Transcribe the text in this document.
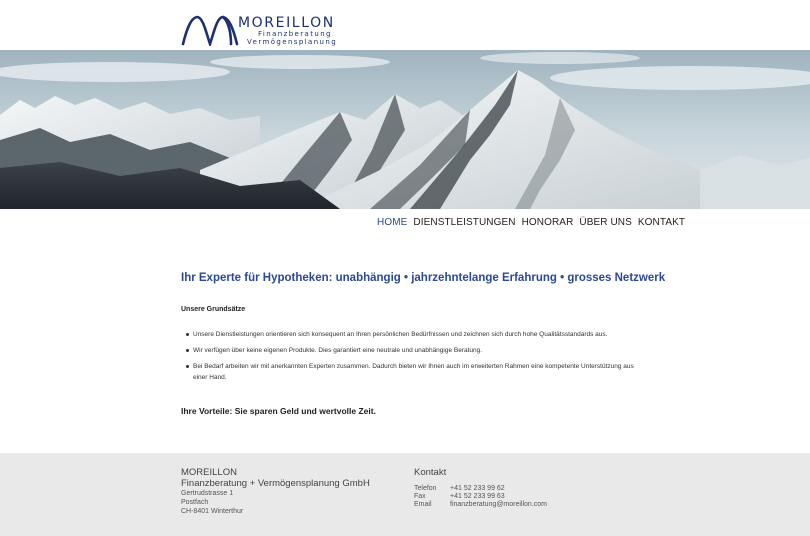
MOREILLON
Finanzberatung
Vermögensplanung
HOME DIENSTLEISTUNGEN HONORAR ÜBER UNS KONTAKT
Ihr Experte für Hypotheken: unabhängig • jahrzehntelange Erfahrung • grosses Netzwerk
Unsere Grundsätze
Unsere Dienstleistungen orientieren sich konsequent an Ihren persönlichen Bedürfnissen und zeichnen sich durch hohe Qualitätsstandards aus.
Wir verfügen über keine eigenen Produkte. Dies garantiert eine neutrale und unabhängige Beratung.
Bei Bedarf arbeiten wir mit anerkannten Experten zusammen. Dadurch bieten wir Ihnen auch im erweiterten Rahmen eine kompetente Unterstützung aus einer Hand.

Ihre Vorteile: Sie sparen Geld und wertvolle Zeit.

MOREILLON
Finanzberatung + Vermögensplanung GmbH
Gertrudstrasse 1
Postfach
CH-8401 Winterthur
Kontakt
Telefon +41 52 233 99 62
Fax	+41 52 233 99 63
Email	finanzberatung@moreillon.com
